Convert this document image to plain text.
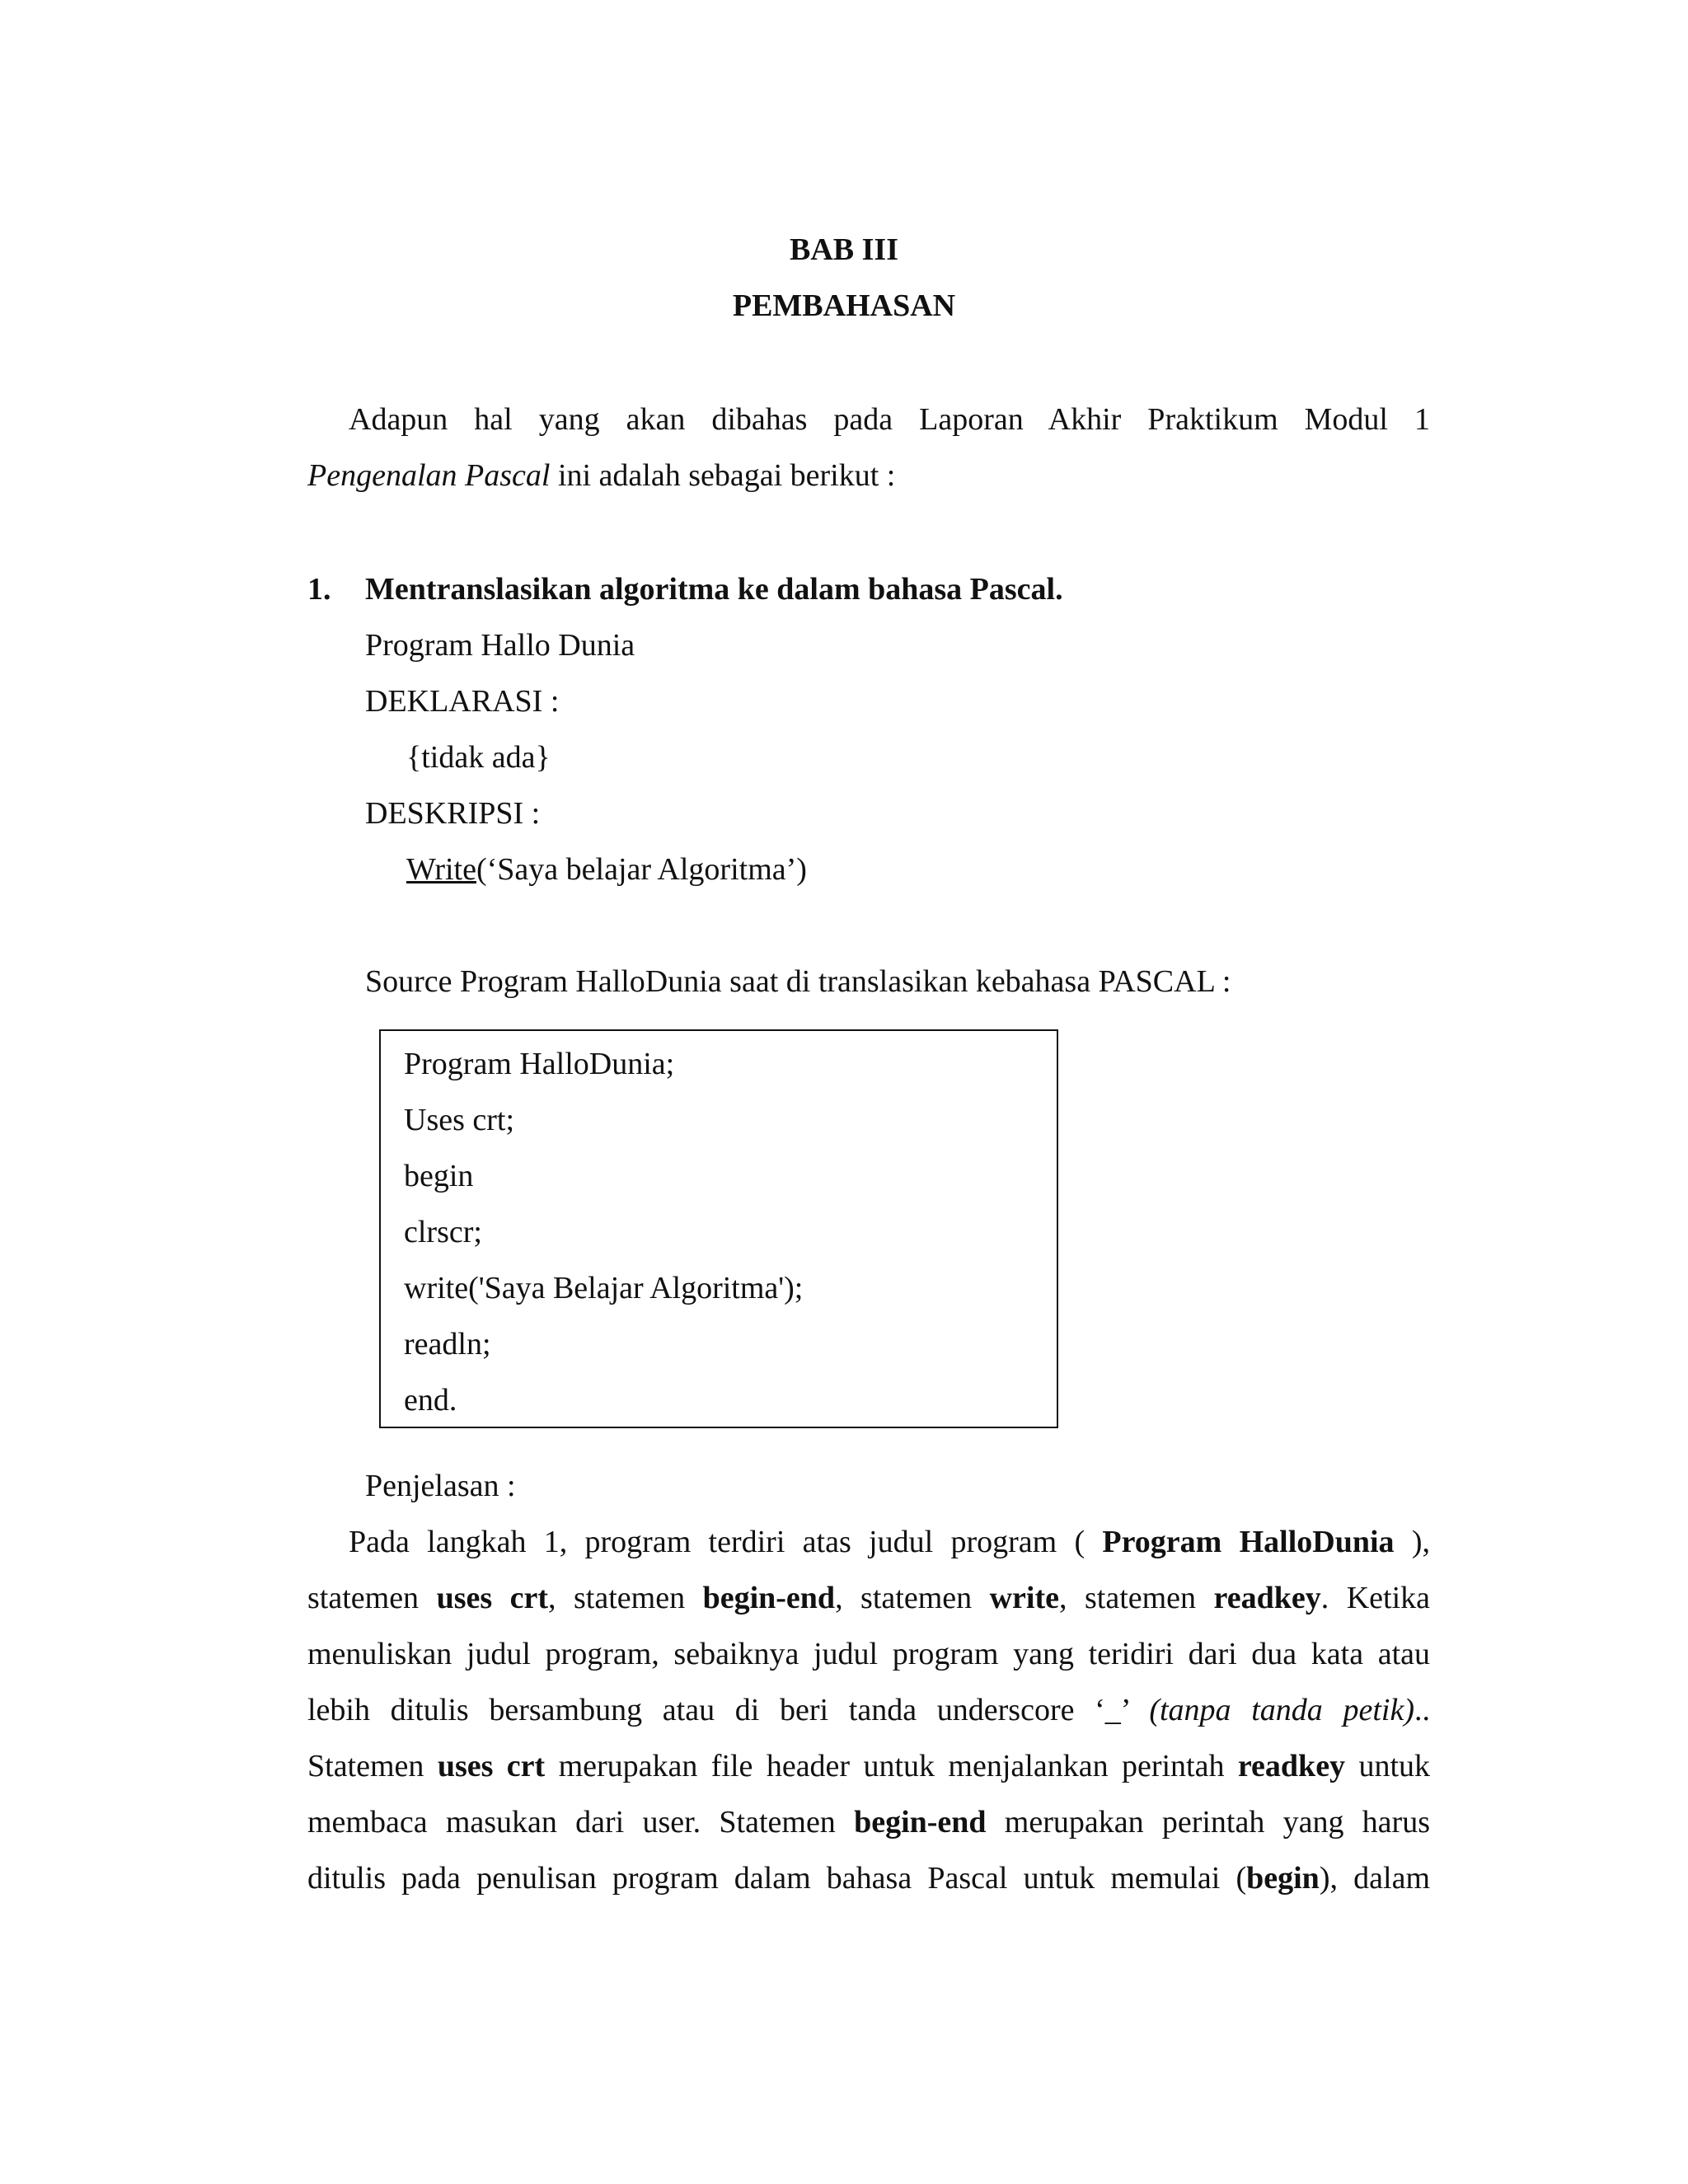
BAB III
PEMBAHASAN
Adapun hal yang akan dibahas pada Laporan Akhir Praktikum Modul 1
Pengenalan Pascal ini adalah sebagai berikut :
1. Mentranslasikan algoritma ke dalam bahasa Pascal.
Program Hallo Dunia
DEKLARASI :
{tidak ada}
DESKRIPSI :
Write(‘Saya belajar Algoritma’)
Source Program HalloDunia saat di translasikan kebahasa PASCAL :
Program HalloDunia;
Uses crt;
begin
clrscr;
write('Saya Belajar Algoritma');
readln;
end.
Penjelasan :
Pada langkah 1, program terdiri atas judul program ( Program HalloDunia ),
statemen uses crt, statemen begin-end, statemen write, statemen readkey. Ketika
menuliskan judul program, sebaiknya judul program yang teridiri dari dua kata atau
lebih ditulis bersambung atau di beri tanda underscore ‘_’ (tanpa tanda petik)..
Statemen uses crt merupakan file header untuk menjalankan perintah readkey untuk
membaca masukan dari user. Statemen begin-end merupakan perintah yang harus
ditulis pada penulisan program dalam bahasa Pascal untuk memulai (begin), dalam
